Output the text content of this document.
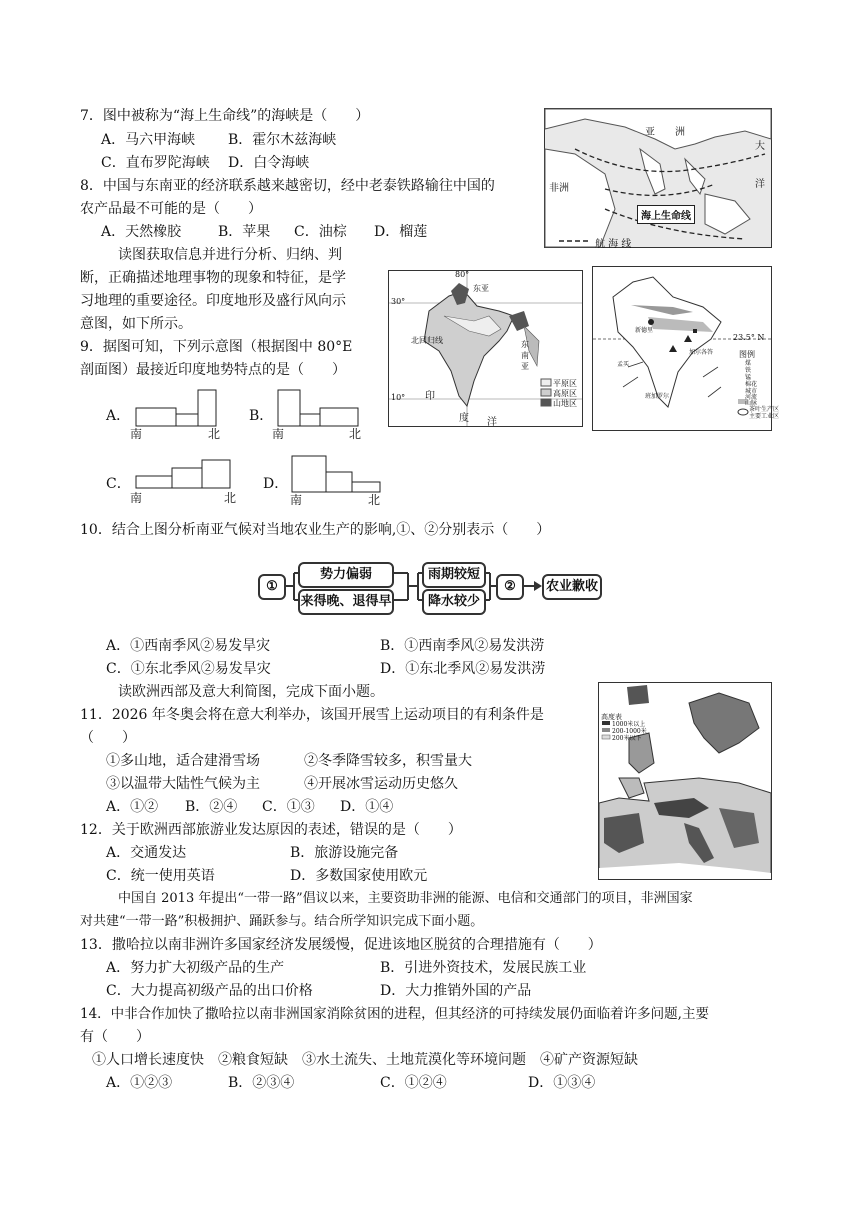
7．图中被称为“海上生命线”的海峡是（　　）
A．马六甲海峡 B．霍尔木兹海峡
C．直布罗陀海峡 D．白令海峡
亚　　洲
非洲
大
洋
海上生命线
航 海 线
8．中国与东南亚的经济联系越来越密切，经中老泰铁路输往中国的
农产品最不可能的是（　　）
A．天然橡胶	B．苹果 C．油棕 D．榴莲
读图获取信息并进行分析、归纳、判
断，正确描述地理事物的现象和特征，是学
习地理的重要途径。印度地形及盛行风向示
意图，如下所示。
80°
30°
10°
东亚
东南亚
北回归线
印
度 洋
平原区
高原区
山地区
23.5° N
图例
煤
铁
锰
棉花
城市
河流
山脉
茶叶生产区
主要工业区
新德里
孟买
加尔各答
班加罗尔
9．据图可知，下列示意图（根据图中 80°E
剖面图）最接近印度地势特点的是（　　）
A．
南	北
B．
南	北
C．
南	北
D．
南	北
10．结合上图分析南亚气候对当地农业生产的影响,①、②分别表示（　　）
①
势力偏弱
来得晚、退得早
雨期较短
降水较少
②	农业歉收
A．①西南季风②易发旱灾	B．①西南季风②易发洪涝
C．①东北季风②易发旱灾	D．①东北季风②易发洪涝
读欧洲西部及意大利简图，完成下面小题。
高度表
1000米以上
200-1000米
200米以下
11．2026 年冬奥会将在意大利举办，该国开展雪上运动项目的有利条件是
（　　）
①多山地，适合建滑雪场	②冬季降雪较多，积雪量大
③以温带大陆性气候为主	④开展冰雪运动历史悠久
A．①② B．②④ C．①③ D．①④
12．关于欧洲西部旅游业发达原因的表述，错误的是（　　）
A．交通发达	B．旅游设施完备
C．统一使用英语	D．多数国家使用欧元
中国自 2013 年提出“一带一路”倡议以来，主要资助非洲的能源、电信和交通部门的项目，非洲国家
对共建“一带一路”积极拥护、踊跃参与。结合所学知识完成下面小题。
13．撒哈拉以南非洲许多国家经济发展缓慢，促进该地区脱贫的合理措施有（　　）
A．努力扩大初级产品的生产	B．引进外资技术，发展民族工业
C．大力提高初级产品的出口价格	D．大力推销外国的产品
14．中非合作加快了撒哈拉以南非洲国家消除贫困的进程，但其经济的可持续发展仍面临着许多问题,主要
有（　　）
①人口增长速度快　②粮食短缺　③水土流失、土地荒漠化等环境问题　④矿产资源短缺
A．①②③	B．②③④	C．①②④	D．①③④
